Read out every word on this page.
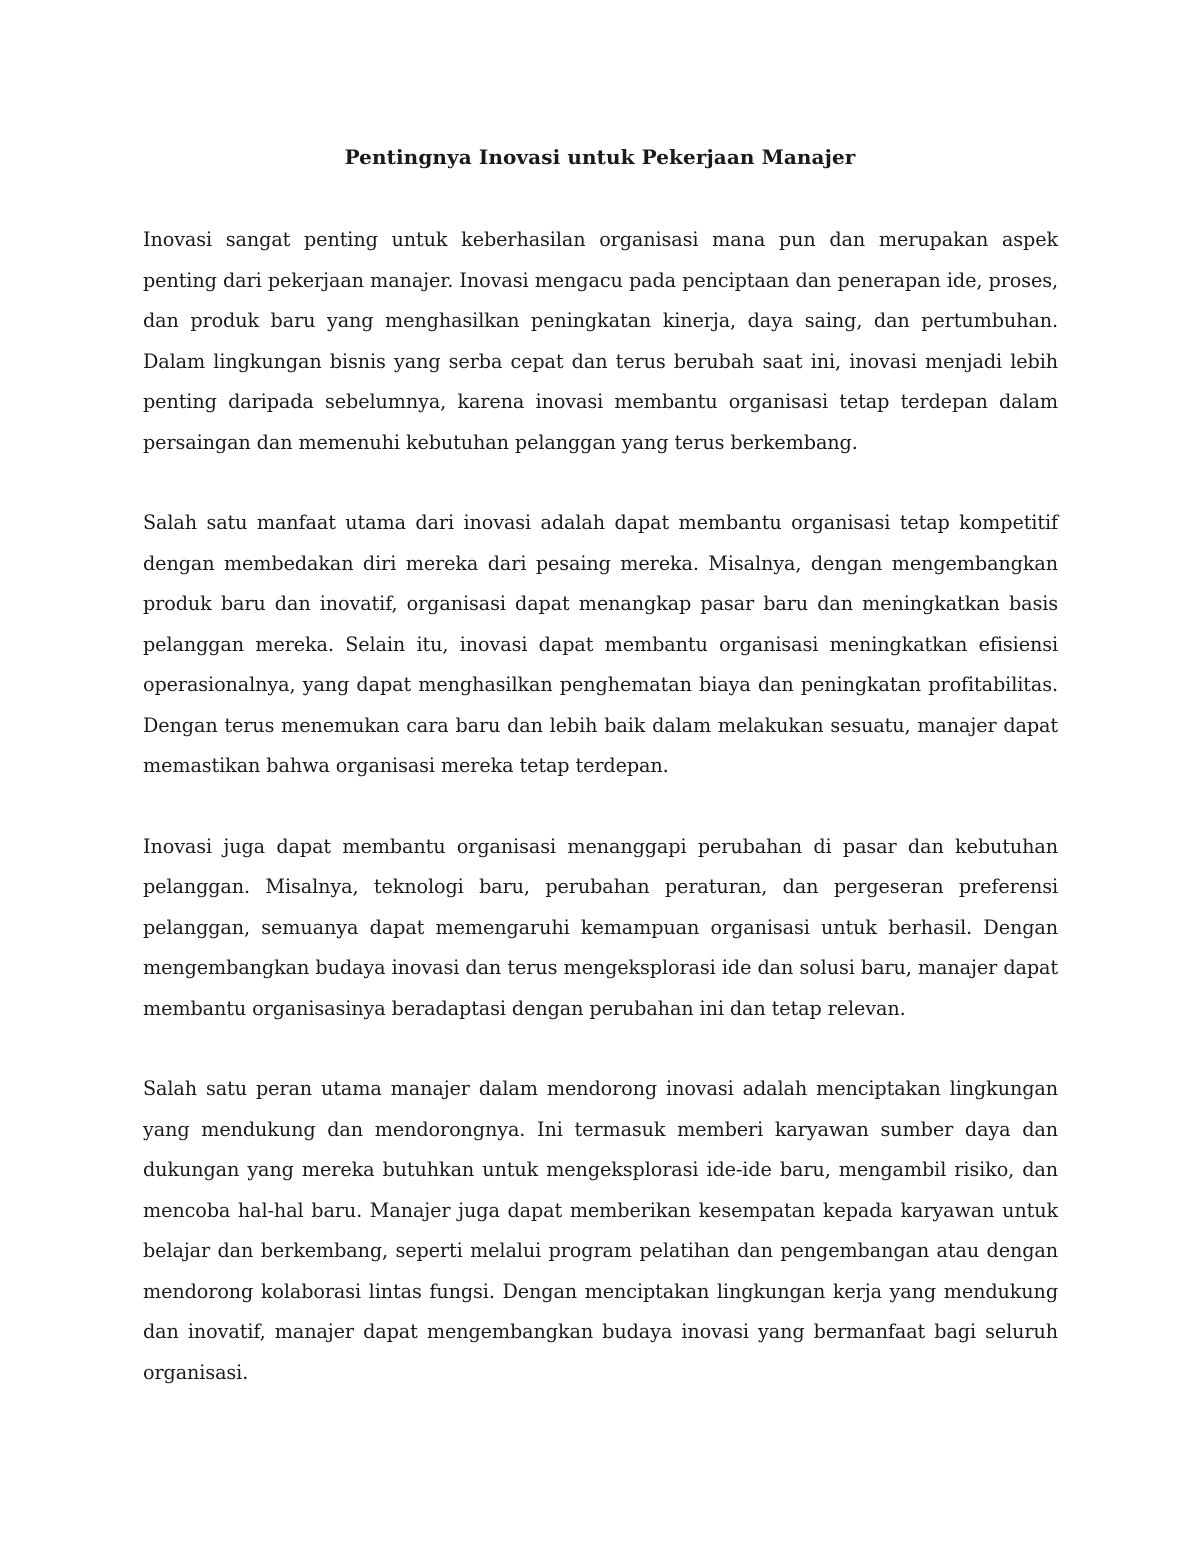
Pentingnya Inovasi untuk Pekerjaan Manajer

Inovasi sangat penting untuk keberhasilan organisasi mana pun dan merupakan aspek penting dari pekerjaan manajer. Inovasi mengacu pada penciptaan dan penerapan ide, proses, dan produk baru yang menghasilkan peningkatan kinerja, daya saing, dan pertumbuhan. Dalam lingkungan bisnis yang serba cepat dan terus berubah saat ini, inovasi menjadi lebih penting daripada sebelumnya, karena inovasi membantu organisasi tetap terdepan dalam persaingan dan memenuhi kebutuhan pelanggan yang terus berkembang.

Salah satu manfaat utama dari inovasi adalah dapat membantu organisasi tetap kompetitif dengan membedakan diri mereka dari pesaing mereka. Misalnya, dengan mengembangkan produk baru dan inovatif, organisasi dapat menangkap pasar baru dan meningkatkan basis pelanggan mereka. Selain itu, inovasi dapat membantu organisasi meningkatkan efisiensi operasionalnya, yang dapat menghasilkan penghematan biaya dan peningkatan profitabilitas. Dengan terus menemukan cara baru dan lebih baik dalam melakukan sesuatu, manajer dapat memastikan bahwa organisasi mereka tetap terdepan.

Inovasi juga dapat membantu organisasi menanggapi perubahan di pasar dan kebutuhan pelanggan. Misalnya, teknologi baru, perubahan peraturan, dan pergeseran preferensi pelanggan, semuanya dapat memengaruhi kemampuan organisasi untuk berhasil. Dengan mengembangkan budaya inovasi dan terus mengeksplorasi ide dan solusi baru, manajer dapat membantu organisasinya beradaptasi dengan perubahan ini dan tetap relevan.

Salah satu peran utama manajer dalam mendorong inovasi adalah menciptakan lingkungan yang mendukung dan mendorongnya. Ini termasuk memberi karyawan sumber daya dan dukungan yang mereka butuhkan untuk mengeksplorasi ide-ide baru, mengambil risiko, dan mencoba hal-hal baru. Manajer juga dapat memberikan kesempatan kepada karyawan untuk belajar dan berkembang, seperti melalui program pelatihan dan pengembangan atau dengan mendorong kolaborasi lintas fungsi. Dengan menciptakan lingkungan kerja yang mendukung dan inovatif, manajer dapat mengembangkan budaya inovasi yang bermanfaat bagi seluruh organisasi.
